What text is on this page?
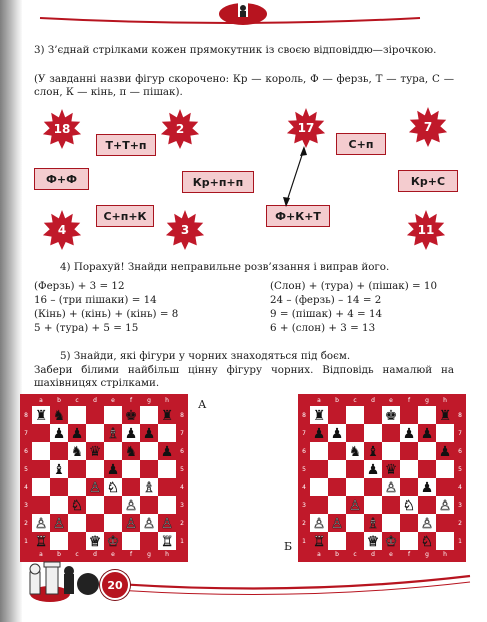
3) З’єднай стрілками кожен прямокутник із своєю відповіддю—зірочкою.
(У завданні назви фігур скорочено: Кр — король, Ф — ферзь, Т — тура, С — слон, К — кінь, п — пішак).
18	2	17	7
4	3	11
Т+Т+п	С+п
Ф+Ф	Кр+п+п	Кр+С
С+п+К	Ф+К+Т
4) Порахуй! Знайди неправильне розв’язання і виправ його.
(Ферзь) + 3 = 12
16 – (три пішаки) = 14
(Кінь) + (кінь) + (кінь) = 8
5 + (тура) + 5 = 15
(Слон) + (тура) + (пішак) = 10
24 – (ферзь) – 14 = 2
9 = (пішак) + 4 = 14
6 + (слон) + 3 = 13
5) Знайди, які фігури у чорних знаходяться під боєм.
Забери білими найбільш цінну фігуру чорних. Відповідь намалюй на шахівницях стрілками.
a
a
b
b
c
c
d
d
e
e
f
f
g
g
h
h
8	8
7	7
6	6
5	5
4	4
3	3
2	2
1	1
♜	♚ ♜
♞
♟ ♟	♟ ♟
♗
♞ ♛ ♞ ♟
♟
♝
♙ ♘ ♗
♘	♙
♙ ♙	♙ ♙ ♙
♖	♕ ♔	♖
А	a
a
b
b
c
c
d
d
e
e
f
f
g
g
h
h
8	8
7	7
6	6
5	5
4	4
3	3
2	2
1	1
♚
♜	♜
♟ ♟	♟ ♟
♞ ♝	♟
♟ ♛
♙ ♟
♙	♘ ♙
♙ ♙ ♗	♙
♖	♕ ♔ ♘
Б
20
